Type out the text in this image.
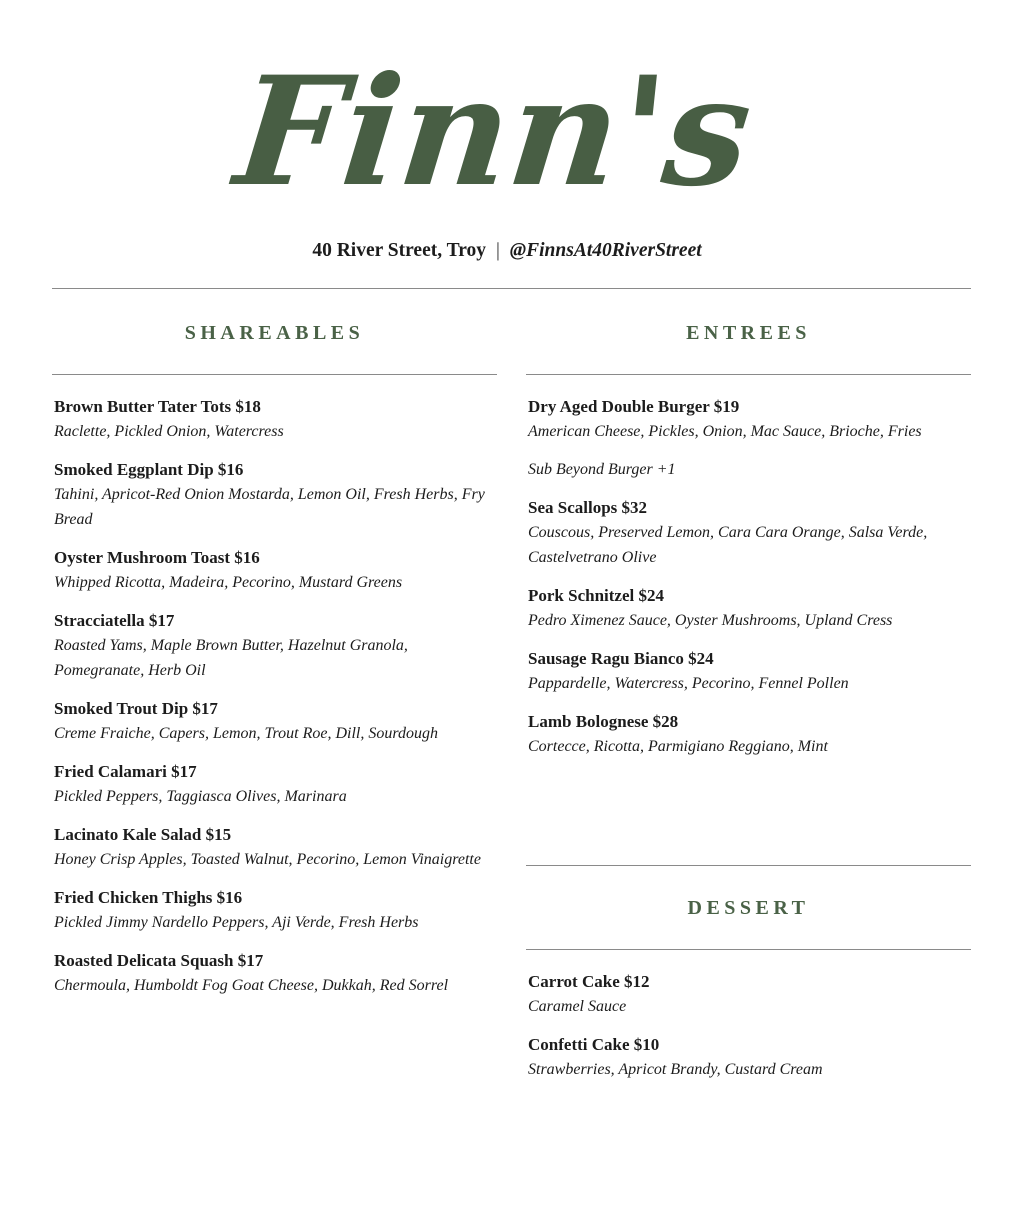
Finn's
40 River Street, Troy | @FinnsAt40RiverStreet
SHAREABLES
Brown Butter Tater Tots $18
Raclette, Pickled Onion, Watercress
Smoked Eggplant Dip $16
Tahini, Apricot-Red Onion Mostarda, Lemon Oil, Fresh Herbs, Fry Bread
Oyster Mushroom Toast $16
Whipped Ricotta, Madeira, Pecorino, Mustard Greens
Stracciatella $17
Roasted Yams, Maple Brown Butter, Hazelnut Granola, Pomegranate, Herb Oil
Smoked Trout Dip $17
Creme Fraiche, Capers, Lemon, Trout Roe, Dill, Sourdough
Fried Calamari $17
Pickled Peppers, Taggiasca Olives, Marinara
Lacinato Kale Salad $15
Honey Crisp Apples, Toasted Walnut, Pecorino, Lemon Vinaigrette
Fried Chicken Thighs $16
Pickled Jimmy Nardello Peppers, Aji Verde, Fresh Herbs
Roasted Delicata Squash $17
Chermoula, Humboldt Fog Goat Cheese, Dukkah, Red Sorrel
ENTREES
Dry Aged Double Burger $19
American Cheese, Pickles, Onion, Mac Sauce, Brioche, Fries
Sub Beyond Burger +1
Sea Scallops $32
Couscous, Preserved Lemon, Cara Cara Orange, Salsa Verde, Castelvetrano Olive
Pork Schnitzel $24
Pedro Ximenez Sauce, Oyster Mushrooms, Upland Cress
Sausage Ragu Bianco $24
Pappardelle, Watercress, Pecorino, Fennel Pollen
Lamb Bolognese $28
Cortecce, Ricotta, Parmigiano Reggiano, Mint
DESSERT
Carrot Cake $12
Caramel Sauce
Confetti Cake $10
Strawberries, Apricot Brandy, Custard Cream
